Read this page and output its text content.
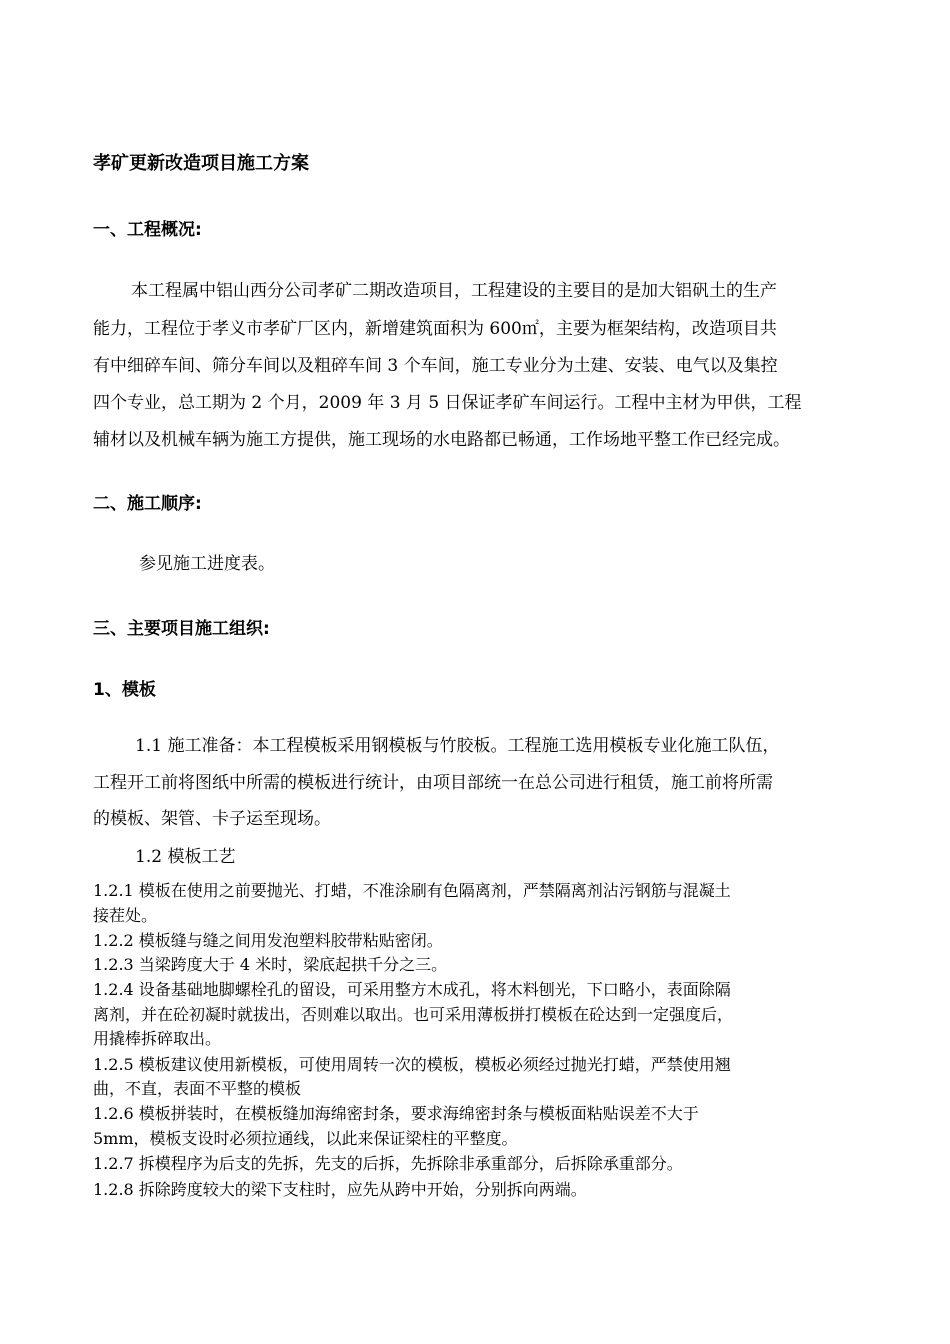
孝矿更新改造项目施工方案
一、工程概况:
本工程属中铝山西分公司孝矿二期改造项目，工程建设的主要目的是加大铝矾土的生产
能力，工程位于孝义市孝矿厂区内，新增建筑面积为 600㎡，主要为框架结构，改造项目共
有中细碎车间、筛分车间以及粗碎车间 3 个车间，施工专业分为土建、安装、电气以及集控
四个专业，总工期为 2 个月，2009 年 3 月 5 日保证孝矿车间运行。工程中主材为甲供，工程
辅材以及机械车辆为施工方提供，施工现场的水电路都已畅通，工作场地平整工作已经完成。
二、施工顺序:
参见施工进度表。
三、主要项目施工组织:
1、模板
1.1 施工准备：本工程模板采用钢模板与竹胶板。工程施工选用模板专业化施工队伍，
工程开工前将图纸中所需的模板进行统计，由项目部统一在总公司进行租赁，施工前将所需
的模板、架管、卡子运至现场。
1.2 模板工艺
1.2.1 模板在使用之前要抛光、打蜡，不准涂刷有色隔离剂，严禁隔离剂沾污钢筋与混凝土
接茬处。
1.2.2 模板缝与缝之间用发泡塑料胶带粘贴密闭。
1.2.3 当梁跨度大于 4 米时，梁底起拱千分之三。
1.2.4 设备基础地脚螺栓孔的留设，可采用整方木成孔，将木料刨光，下口略小，表面除隔
离剂，并在砼初凝时就拔出，否则难以取出。也可采用薄板拼打模板在砼达到一定强度后，
用撬棒拆碎取出。
1.2.5 模板建议使用新模板，可使用周转一次的模板，模板必须经过抛光打蜡，严禁使用翘
曲，不直，表面不平整的模板
1.2.6 模板拼装时，在模板缝加海绵密封条，要求海绵密封条与模板面粘贴误差不大于
5mm，模板支设时必须拉通线，以此来保证梁柱的平整度。
1.2.7 拆模程序为后支的先拆，先支的后拆，先拆除非承重部分，后拆除承重部分。
1.2.8 拆除跨度较大的梁下支柱时，应先从跨中开始，分别拆向两端。
